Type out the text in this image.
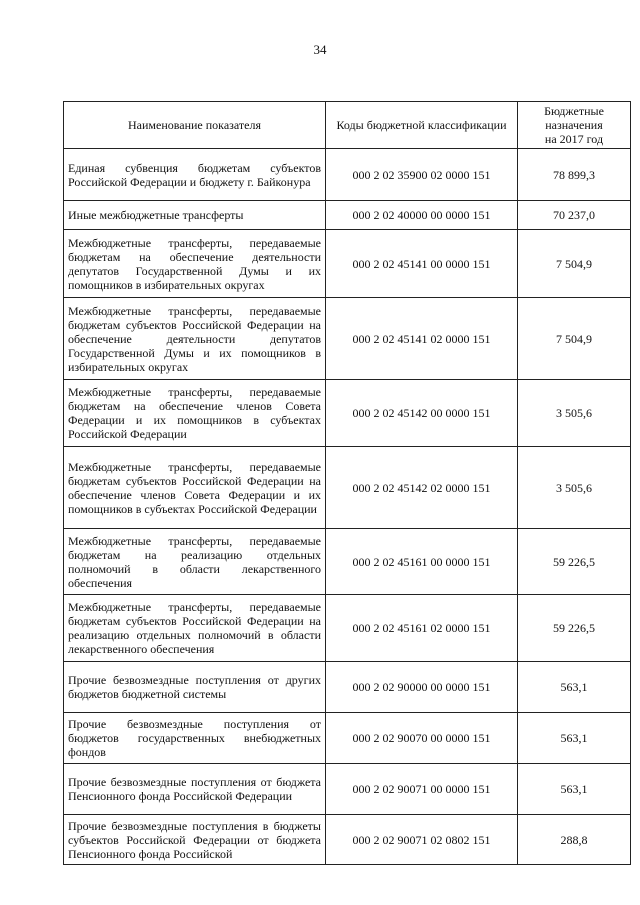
34
Наименование показателя	Коды бюджетной классификации	Бюджетные
назначения
на 2017 год
Единая субвенция бюджетам субъектов Российской Федерации и бюджету г. Байконура	000 2 02 35900 02 0000 151	78 899,3
Иные межбюджетные трансферты	000 2 02 40000 00 0000 151	70 237,0
Межбюджетные трансферты, передаваемые бюджетам на обеспечение деятельности депутатов Государственной Думы и их помощников в избирательных округах	000 2 02 45141 00 0000 151	7 504,9
Межбюджетные трансферты, передаваемые бюджетам субъектов Российской Федерации на обеспечение деятельности депутатов Государственной Думы и их помощников в избирательных округах	000 2 02 45141 02 0000 151	7 504,9
Межбюджетные трансферты, передаваемые бюджетам на обеспечение членов Совета Федерации и их помощников в субъектах Российской Федерации	000 2 02 45142 00 0000 151	3 505,6
Межбюджетные трансферты, передаваемые бюджетам субъектов Российской Федерации на обеспечение членов Совета Федерации и их помощников в субъектах Российской Федерации	000 2 02 45142 02 0000 151	3 505,6
Межбюджетные трансферты, передаваемые бюджетам на реализацию отдельных полномочий в области лекарственного обеспечения	000 2 02 45161 00 0000 151	59 226,5
Межбюджетные трансферты, передаваемые бюджетам субъектов Российской Федерации на реализацию отдельных полномочий в области лекарственного обеспечения	000 2 02 45161 02 0000 151	59 226,5
Прочие безвозмездные поступления от других бюджетов бюджетной системы	000 2 02 90000 00 0000 151	563,1
Прочие безвозмездные поступления от бюджетов государственных внебюджетных фондов	000 2 02 90070 00 0000 151	563,1
Прочие безвозмездные поступления от бюджета Пенсионного фонда Российской Федерации	000 2 02 90071 00 0000 151	563,1
Прочие безвозмездные поступления в бюджеты субъектов Российской Федерации от бюджета Пенсионного фонда Российской	000 2 02 90071 02 0802 151	288,8
